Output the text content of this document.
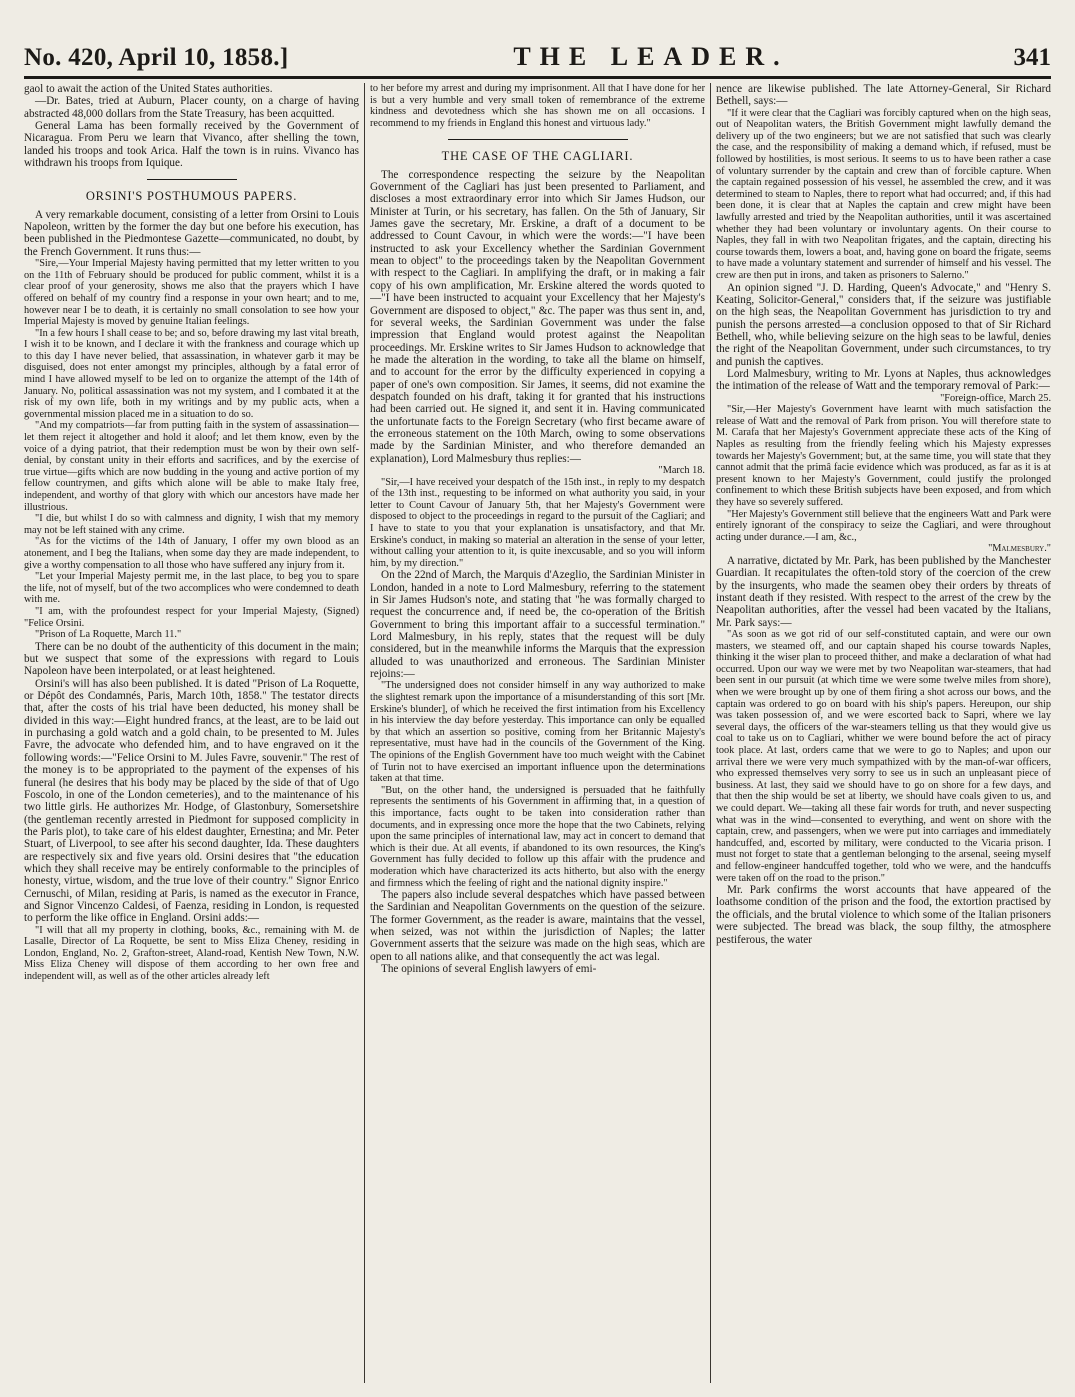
No. 420, April 10, 1858.]	THE LEADER.	341

gaol to await the action of the United States authorities.

—Dr. Bates, tried at Auburn, Placer county, on a charge of having abstracted 48,000 dollars from the State Treasury, has been acquitted.

General Lama has been formally received by the Government of Nicaragua. From Peru we learn that Vivanco, after shelling the town, landed his troops and took Arica. Half the town is in ruins. Vivanco has withdrawn his troops from Iquique.

ORSINI'S POSTHUMOUS PAPERS.

A very remarkable document, consisting of a letter from Orsini to Louis Napoleon, written by the former the day but one before his execution, has been published in the Piedmontese Gazette—communicated, no doubt, by the French Government. It runs thus:—

"Sire,—Your Imperial Majesty having permitted that my letter written to you on the 11th of February should be produced for public comment, whilst it is a clear proof of your generosity, shows me also that the prayers which I have offered on behalf of my country find a response in your own heart; and to me, however near I be to death, it is certainly no small consolation to see how your Imperial Majesty is moved by genuine Italian feelings.

"In a few hours I shall cease to be; and so, before drawing my last vital breath, I wish it to be known, and I declare it with the frankness and courage which up to this day I have never belied, that assassination, in whatever garb it may be disguised, does not enter amongst my principles, although by a fatal error of mind I have allowed myself to be led on to organize the attempt of the 14th of January. No, political assassination was not my system, and I combated it at the risk of my own life, both in my writings and by my public acts, when a governmental mission placed me in a situation to do so.

"And my compatriots—far from putting faith in the system of assassination—let them reject it altogether and hold it aloof; and let them know, even by the voice of a dying patriot, that their redemption must be won by their own self-denial, by constant unity in their efforts and sacrifices, and by the exercise of true virtue—gifts which are now budding in the young and active portion of my fellow countrymen, and gifts which alone will be able to make Italy free, independent, and worthy of that glory with which our ancestors have made her illustrious.

"I die, but whilst I do so with calmness and dignity, I wish that my memory may not be left stained with any crime.

"As for the victims of the 14th of January, I offer my own blood as an atonement, and I beg the Italians, when some day they are made independent, to give a worthy compensation to all those who have suffered any injury from it.

"Let your Imperial Majesty permit me, in the last place, to beg you to spare the life, not of myself, but of the two accomplices who were condemned to death with me.

"I am, with the profoundest respect for your Imperial Majesty, (Signed) "Felice Orsini.

"Prison of La Roquette, March 11."

There can be no doubt of the authenticity of this document in the main; but we suspect that some of the expressions with regard to Louis Napoleon have been interpolated, or at least heightened.

Orsini's will has also been published. It is dated "Prison of La Roquette, or Dépôt des Condamnés, Paris, March 10th, 1858." The testator directs that, after the costs of his trial have been deducted, his money shall be divided in this way:—Eight hundred francs, at the least, are to be laid out in purchasing a gold watch and a gold chain, to be presented to M. Jules Favre, the advocate who defended him, and to have engraved on it the following words:—"Felice Orsini to M. Jules Favre, souvenir." The rest of the money is to be appropriated to the payment of the expenses of his funeral (he desires that his body may be placed by the side of that of Ugo Foscolo, in one of the London cemeteries), and to the maintenance of his two little girls. He authorizes Mr. Hodge, of Glastonbury, Somersetshire (the gentleman recently arrested in Piedmont for supposed complicity in the Paris plot), to take care of his eldest daughter, Ernestina; and Mr. Peter Stuart, of Liverpool, to see after his second daughter, Ida. These daughters are respectively six and five years old. Orsini desires that "the education which they shall receive may be entirely conformable to the principles of honesty, virtue, wisdom, and the true love of their country." Signor Enrico Cernuschi, of Milan, residing at Paris, is named as the executor in France, and Signor Vincenzo Caldesi, of Faenza, residing in London, is requested to perform the like office in England. Orsini adds:—

"I will that all my property in clothing, books, &c., remaining with M. de Lasalle, Director of La Roquette, be sent to Miss Eliza Cheney, residing in London, England, No. 2, Grafton-street, Aland-road, Kentish New Town, N.W. Miss Eliza Cheney will dispose of them according to her own free and independent will, as well as of the other articles already left

to her before my arrest and during my imprisonment. All that I have done for her is but a very humble and very small token of remembrance of the extreme kindness and devotedness which she has shown me on all occasions. I recommend to my friends in England this honest and virtuous lady."

THE CASE OF THE CAGLIARI.

The correspondence respecting the seizure by the Neapolitan Government of the Cagliari has just been presented to Parliament, and discloses a most extraordinary error into which Sir James Hudson, our Minister at Turin, or his secretary, has fallen. On the 5th of January, Sir James gave the secretary, Mr. Erskine, a draft of a document to be addressed to Count Cavour, in which were the words:—"I have been instructed to ask your Excellency whether the Sardinian Government mean to object" to the proceedings taken by the Neapolitan Government with respect to the Cagliari. In amplifying the draft, or in making a fair copy of his own amplification, Mr. Erskine altered the words quoted to—"I have been instructed to acquaint your Excellency that her Majesty's Government are disposed to object," &c. The paper was thus sent in, and, for several weeks, the Sardinian Government was under the false impression that England would protest against the Neapolitan proceedings. Mr. Erskine writes to Sir James Hudson to acknowledge that he made the alteration in the wording, to take all the blame on himself, and to account for the error by the difficulty experienced in copying a paper of one's own composition. Sir James, it seems, did not examine the despatch founded on his draft, taking it for granted that his instructions had been carried out. He signed it, and sent it in. Having communicated the unfortunate facts to the Foreign Secretary (who first became aware of the erroneous statement on the 10th March, owing to some observations made by the Sardinian Minister, and who therefore demanded an explanation), Lord Malmesbury thus replies:—

"March 18.

"Sir,—I have received your despatch of the 15th inst., in reply to my despatch of the 13th inst., requesting to be informed on what authority you said, in your letter to Count Cavour of January 5th, that her Majesty's Government were disposed to object to the proceedings in regard to the pursuit of the Cagliari; and I have to state to you that your explanation is unsatisfactory, and that Mr. Erskine's conduct, in making so material an alteration in the sense of your letter, without calling your attention to it, is quite inexcusable, and so you will inform him, by my direction."

On the 22nd of March, the Marquis d'Azeglio, the Sardinian Minister in London, handed in a note to Lord Malmesbury, referring to the statement in Sir James Hudson's note, and stating that "he was formally charged to request the concurrence and, if need be, the co-operation of the British Government to bring this important affair to a successful termination." Lord Malmesbury, in his reply, states that the request will be duly considered, but in the meanwhile informs the Marquis that the expression alluded to was unauthorized and erroneous. The Sardinian Minister rejoins:—

"The undersigned does not consider himself in any way authorized to make the slightest remark upon the importance of a misunderstanding of this sort [Mr. Erskine's blunder], of which he received the first intimation from his Excellency in his interview the day before yesterday. This importance can only be equalled by that which an assertion so positive, coming from her Britannic Majesty's representative, must have had in the councils of the Government of the King. The opinions of the English Government have too much weight with the Cabinet of Turin not to have exercised an important influence upon the determinations taken at that time.

"But, on the other hand, the undersigned is persuaded that he faithfully represents the sentiments of his Government in affirming that, in a question of this importance, facts ought to be taken into consideration rather than documents, and in expressing once more the hope that the two Cabinets, relying upon the same principles of international law, may act in concert to demand that which is their due. At all events, if abandoned to its own resources, the King's Government has fully decided to follow up this affair with the prudence and moderation which have characterized its acts hitherto, but also with the energy and firmness which the feeling of right and the national dignity inspire."

The papers also include several despatches which have passed between the Sardinian and Neapolitan Governments on the question of the seizure. The former Government, as the reader is aware, maintains that the vessel, when seized, was not within the jurisdiction of Naples; the latter Government asserts that the seizure was made on the high seas, which are open to all nations alike, and that consequently the act was legal.

The opinions of several English lawyers of emi-

nence are likewise published. The late Attorney-General, Sir Richard Bethell, says:—

"If it were clear that the Cagliari was forcibly captured when on the high seas, out of Neapolitan waters, the British Government might lawfully demand the delivery up of the two engineers; but we are not satisfied that such was clearly the case, and the responsibility of making a demand which, if refused, must be followed by hostilities, is most serious. It seems to us to have been rather a case of voluntary surrender by the captain and crew than of forcible capture. When the captain regained possession of his vessel, he assembled the crew, and it was determined to steam to Naples, there to report what had occurred; and, if this had been done, it is clear that at Naples the captain and crew might have been lawfully arrested and tried by the Neapolitan authorities, until it was ascertained whether they had been voluntary or involuntary agents. On their course to Naples, they fall in with two Neapolitan frigates, and the captain, directing his course towards them, lowers a boat, and, having gone on board the frigate, seems to have made a voluntary statement and surrender of himself and his vessel. The crew are then put in irons, and taken as prisoners to Salerno."

An opinion signed "J. D. Harding, Queen's Advocate," and "Henry S. Keating, Solicitor-General," considers that, if the seizure was justifiable on the high seas, the Neapolitan Government has jurisdiction to try and punish the persons arrested—a conclusion opposed to that of Sir Richard Bethell, who, while believing seizure on the high seas to be lawful, denies the right of the Neapolitan Government, under such circumstances, to try and punish the captives.

Lord Malmesbury, writing to Mr. Lyons at Naples, thus acknowledges the intimation of the release of Watt and the temporary removal of Park:—

"Foreign-office, March 25.

"Sir,—Her Majesty's Government have learnt with much satisfaction the release of Watt and the removal of Park from prison. You will therefore state to M. Carafa that her Majesty's Government appreciate these acts of the King of Naples as resulting from the friendly feeling which his Majesty expresses towards her Majesty's Government; but, at the same time, you will state that they cannot admit that the primâ facie evidence which was produced, as far as it is at present known to her Majesty's Government, could justify the prolonged confinement to which these British subjects have been exposed, and from which they have so severely suffered.

"Her Majesty's Government still believe that the engineers Watt and Park were entirely ignorant of the conspiracy to seize the Cagliari, and were throughout acting under durance.—I am, &c.,

"Malmesbury."

A narrative, dictated by Mr. Park, has been published by the Manchester Guardian. It recapitulates the often-told story of the coercion of the crew by the insurgents, who made the seamen obey their orders by threats of instant death if they resisted. With respect to the arrest of the crew by the Neapolitan authorities, after the vessel had been vacated by the Italians, Mr. Park says:—

"As soon as we got rid of our self-constituted captain, and were our own masters, we steamed off, and our captain shaped his course towards Naples, thinking it the wiser plan to proceed thither, and make a declaration of what had occurred. Upon our way we were met by two Neapolitan war-steamers, that had been sent in our pursuit (at which time we were some twelve miles from shore), when we were brought up by one of them firing a shot across our bows, and the captain was ordered to go on board with his ship's papers. Hereupon, our ship was taken possession of, and we were escorted back to Sapri, where we lay several days, the officers of the war-steamers telling us that they would give us coal to take us on to Cagliari, whither we were bound before the act of piracy took place. At last, orders came that we were to go to Naples; and upon our arrival there we were very much sympathized with by the man-of-war officers, who expressed themselves very sorry to see us in such an unpleasant piece of business. At last, they said we should have to go on shore for a few days, and that then the ship would be set at liberty, we should have coals given to us, and we could depart. We—taking all these fair words for truth, and never suspecting what was in the wind—consented to everything, and went on shore with the captain, crew, and passengers, when we were put into carriages and immediately handcuffed, and, escorted by military, were conducted to the Vicaria prison. I must not forget to state that a gentleman belonging to the arsenal, seeing myself and fellow-engineer handcuffed together, told who we were, and the handcuffs were taken off on the road to the prison."

Mr. Park confirms the worst accounts that have appeared of the loathsome condition of the prison and the food, the extortion practised by the officials, and the brutal violence to which some of the Italian prisoners were subjected. The bread was black, the soup filthy, the atmosphere pestiferous, the water
